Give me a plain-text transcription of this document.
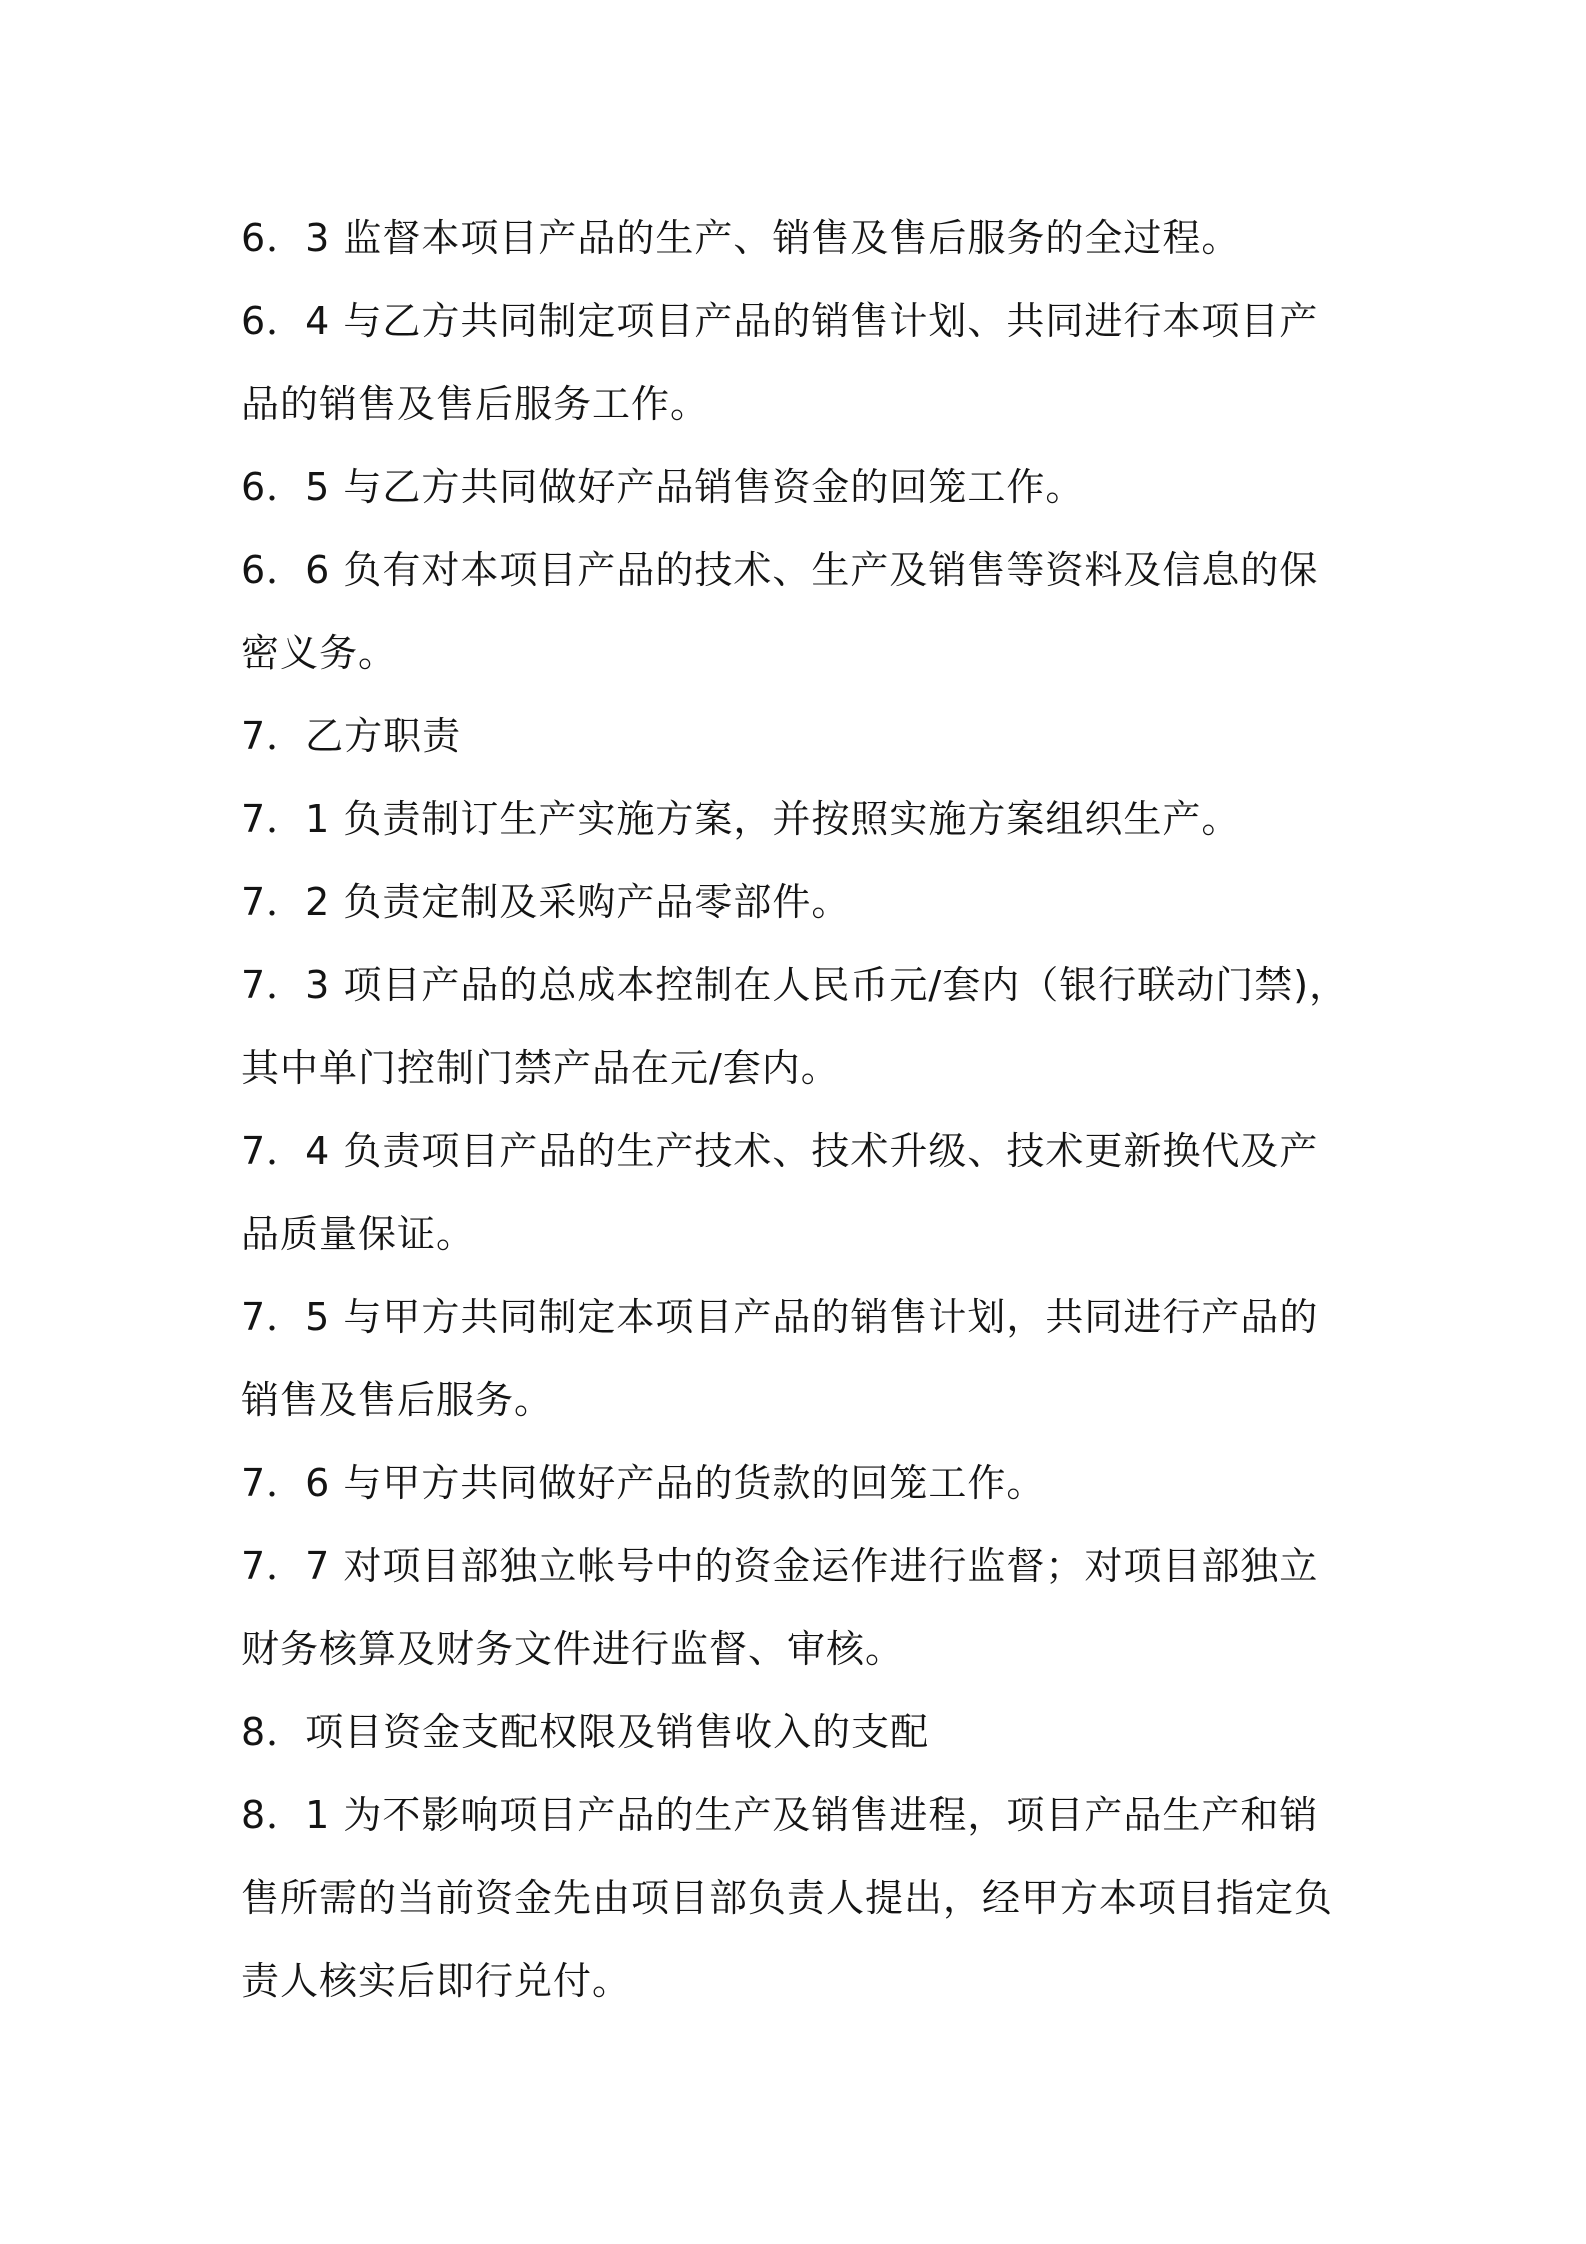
6．3 监督本项目产品的生产、销售及售后服务的全过程。

6．4 与乙方共同制定项目产品的销售计划、共同进行本项目产品的销售及售后服务工作。

6．5 与乙方共同做好产品销售资金的回笼工作。

6．6 负有对本项目产品的技术、生产及销售等资料及信息的保密义务。

7．乙方职责

7．1 负责制订生产实施方案，并按照实施方案组织生产。

7．2 负责定制及采购产品零部件。

7．3 项目产品的总成本控制在人民币元/套内（银行联动门禁)，其中单门控制门禁产品在元/套内。

7．4 负责项目产品的生产技术、技术升级、技术更新换代及产品质量保证。

7．5 与甲方共同制定本项目产品的销售计划，共同进行产品的销售及售后服务。

7．6 与甲方共同做好产品的货款的回笼工作。

7．7 对项目部独立帐号中的资金运作进行监督；对项目部独立财务核算及财务文件进行监督、审核。

8．项目资金支配权限及销售收入的支配

8．1 为不影响项目产品的生产及销售进程，项目产品生产和销售所需的当前资金先由项目部负责人提出，经甲方本项目指定负责人核实后即行兑付。
